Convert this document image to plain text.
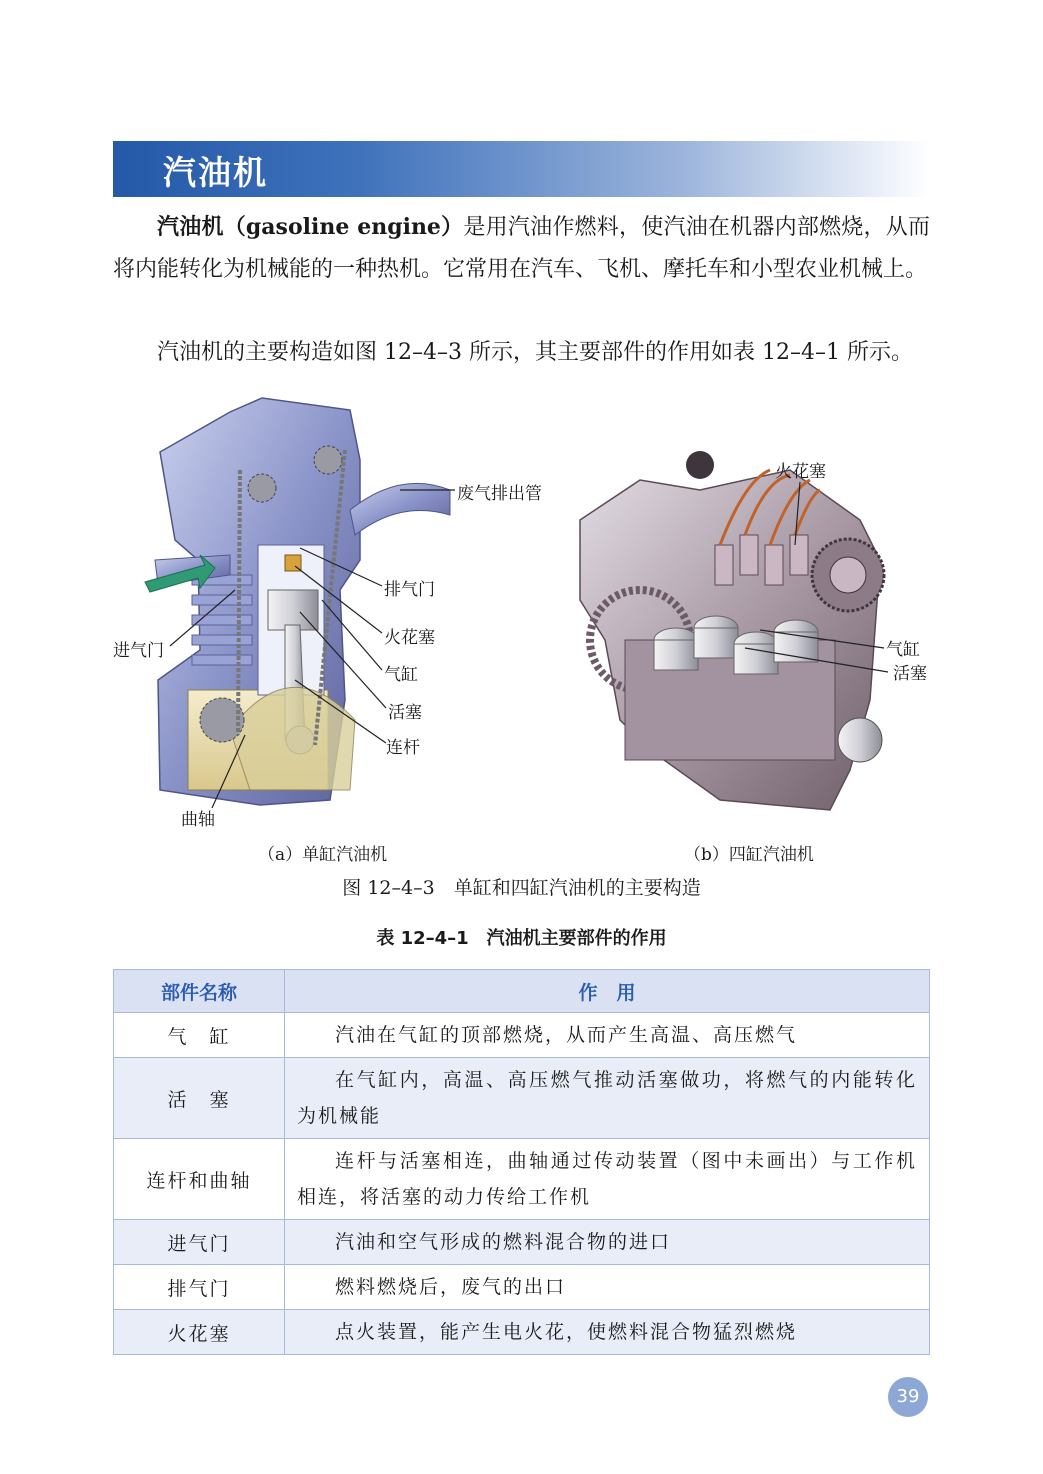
汽油机

汽油机（gasoline engine）是用汽油作燃料，使汽油在机器内部燃烧，从而将内能转化为机械能的一种热机。它常用在汽车、飞机、摩托车和小型农业机械上。

汽油机的主要构造如图 12–4–3 所示，其主要部件的作用如表 12–4–1 所示。

废气排出管
排气门
火花塞
气缸
活塞
连杆
进气门
曲轴
火花塞
气缸
活塞
（a）单缸汽油机	（b）四缸汽油机
图 12–4–3　单缸和四缸汽油机的主要构造
表 12–4–1　汽油机主要部件的作用
部件名称	作　用
气　缸	汽油在气缸的顶部燃烧，从而产生高温、高压燃气

活　塞	在气缸内，高温、高压燃气推动活塞做功，将燃气的内能转化为机械能

连杆和曲轴	连杆与活塞相连，曲轴通过传动装置（图中未画出）与工作机相连，将活塞的动力传给工作机

进气门	汽油和空气形成的燃料混合物的进口

排气门	燃料燃烧后，废气的出口

火花塞	点火装置，能产生电火花，使燃料混合物猛烈燃烧
39
